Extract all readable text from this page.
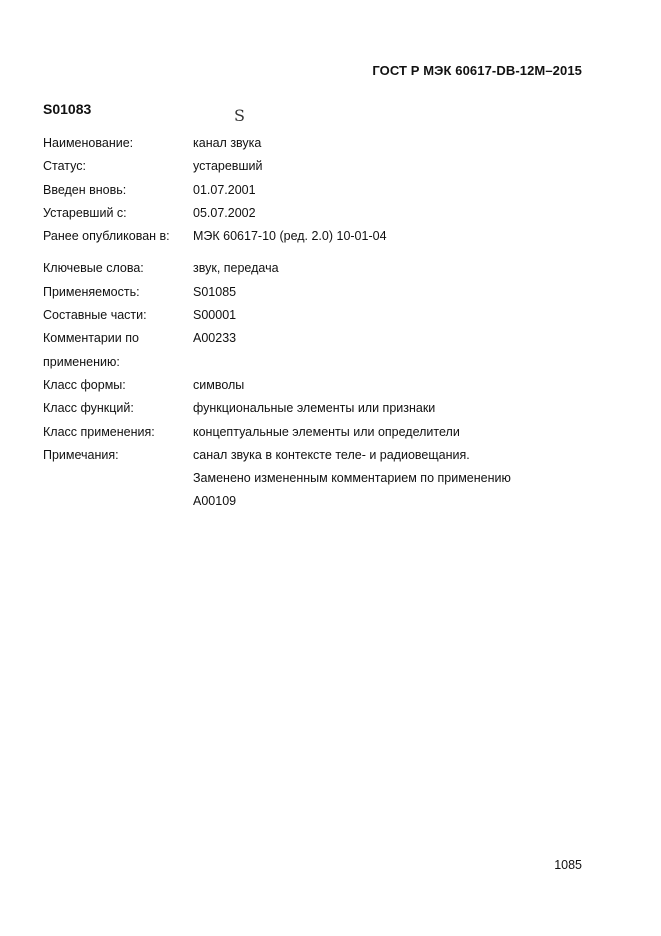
ГОСТ Р МЭК 60617-DB-12M–2015
S01083	S
Наименование:	канал звука
Статус:	устаревший
Введен вновь:	01.07.2001
Устаревший с:	05.07.2002
Ранее опубликован в:	МЭК 60617-10 (ред. 2.0) 10-01-04
Ключевые слова:	звук, передача
Применяемость:	S01085
Составные части:	S00001
Комментарии по	A00233
применению:
Класс формы:	символы
Класс функций:	функциональные элементы или признаки
Класс применения:	концептуальные элементы или определители
Примечания:	санал звука в контексте теле- и радиовещания.
Заменено измененным комментарием по применению
A00109
1085
